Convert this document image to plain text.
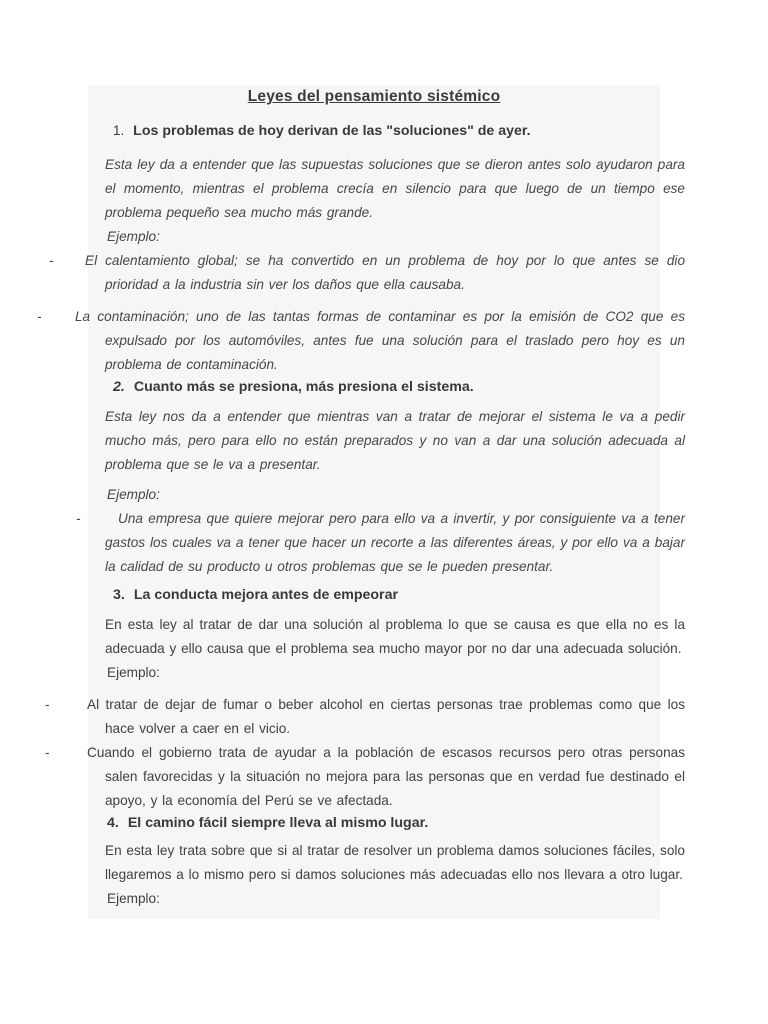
Leyes del pensamiento sistémico
1. Los problemas de hoy derivan de las "soluciones" de ayer.
Esta ley da a entender que las supuestas soluciones que se dieron antes solo ayudaron para el momento, mientras el problema crecía en silencio para que luego de un tiempo ese problema pequeño sea mucho más grande.
Ejemplo:
-	El calentamiento global; se ha convertido en un problema de hoy por lo que antes se dio prioridad a la industria sin ver los daños que ella causaba.
-	La contaminación; uno de las tantas formas de contaminar es por la emisión de CO2 que es expulsado por los automóviles, antes fue una solución para el traslado pero hoy es un problema de contaminación.
2. Cuanto más se presiona, más presiona el sistema.
Esta ley nos da a entender que mientras van a tratar de mejorar el sistema le va a pedir mucho más, pero para ello no están preparados y no van a dar una solución adecuada al problema que se le va a presentar.
Ejemplo:
-	Una empresa que quiere mejorar pero para ello va a invertir, y por consiguiente va a tener gastos los cuales va a tener que hacer un recorte a las diferentes áreas, y por ello va a bajar la calidad de su producto u otros problemas que se le pueden presentar.
3. La conducta mejora antes de empeorar
En esta ley al tratar de dar una solución al problema lo que se causa es que ella no es la adecuada y ello causa que el problema sea mucho mayor por no dar una adecuada solución.
Ejemplo:
-	Al tratar de dejar de fumar o beber alcohol en ciertas personas trae problemas como que los hace volver a caer en el vicio.
-	Cuando el gobierno trata de ayudar a la población de escasos recursos pero otras personas salen favorecidas y la situación no mejora para las personas que en verdad fue destinado el apoyo, y la economía del Perú se ve afectada.
4. El camino fácil siempre lleva al mismo lugar.
En esta ley trata sobre que si al tratar de resolver un problema damos soluciones fáciles, solo llegaremos a lo mismo pero si damos soluciones más adecuadas ello nos llevara a otro lugar.
Ejemplo:
